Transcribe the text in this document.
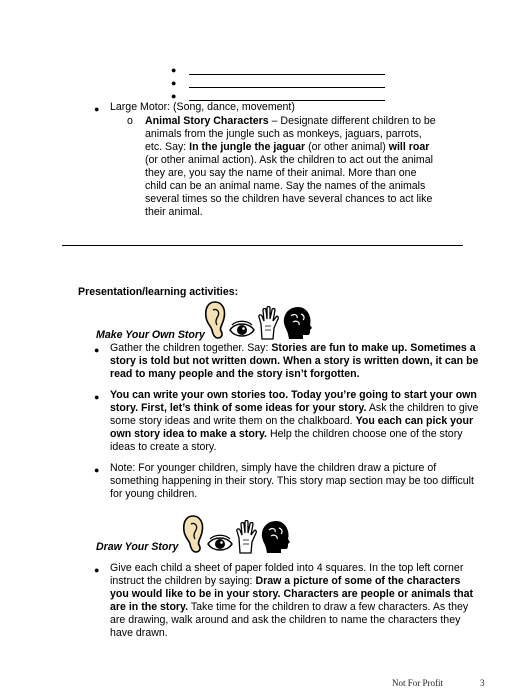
●
●
●
● Large Motor: (Song, dance, movement)
o Animal Story Characters – Designate different children to be animals from the jungle such as monkeys, jaguars, parrots, etc. Say: In the jungle the jaguar (or other animal) will roar (or other animal action). Ask the children to act out the animal they are, you say the name of their animal. More than one child can be an animal name. Say the names of the animals several times so the children have several chances to act like their animal.
Presentation/learning activities:
Make Your Own Story
● Gather the children together. Say: Stories are fun to make up. Sometimes a story is told but not written down. When a story is written down, it can be read to many people and the story isn’t forgotten.
● You can write your own stories too. Today you’re going to start your own story. First, let’s think of some ideas for your story. Ask the children to give some story ideas and write them on the chalkboard. You each can pick your own story idea to make a story. Help the children choose one of the story ideas to create a story.
● Note: For younger children, simply have the children draw a picture of something happening in their story. This story map section may be too difficult for young children.
Draw Your Story
● Give each child a sheet of paper folded into 4 squares. In the top left corner instruct the children by saying: Draw a picture of some of the characters you would like to be in your story. Characters are people or animals that are in the story. Take time for the children to draw a few characters. As they are drawing, walk around and ask the children to name the characters they have drawn.
Not For Profit	3
